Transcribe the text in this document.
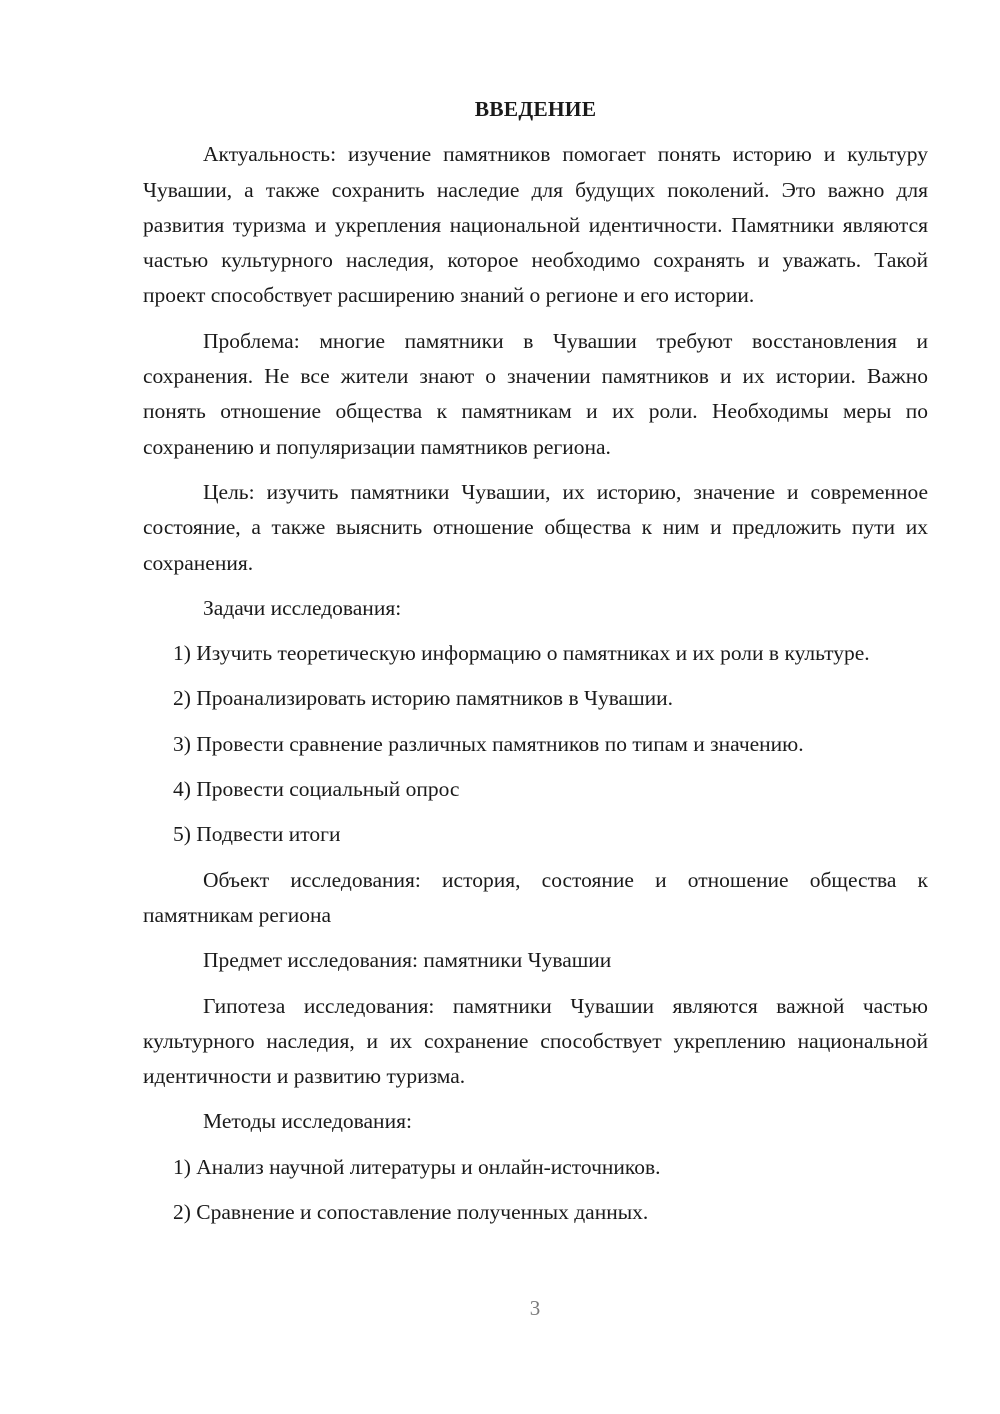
ВВЕДЕНИЕ

Актуальность: изучение памятников помогает понять историю и культуру Чувашии, а также сохранить наследие для будущих поколений. Это важно для развития туризма и укрепления национальной идентичности. Памятники являются частью культурного наследия, которое необходимо сохранять и уважать. Такой проект способствует расширению знаний о регионе и его истории.

Проблема: многие памятники в Чувашии требуют восстановления и сохранения. Не все жители знают о значении памятников и их истории. Важно понять отношение общества к памятникам и их роли. Необходимы меры по сохранению и популяризации памятников региона.

Цель: изучить памятники Чувашии, их историю, значение и современное состояние, а также выяснить отношение общества к ним и предложить пути их сохранения.

Задачи исследования:

1) Изучить теоретическую информацию о памятниках и их роли в культуре.

2) Проанализировать историю памятников в Чувашии.

3) Провести сравнение различных памятников по типам и значению.

4) Провести социальный опрос

5) Подвести итоги

Объект исследования: история, состояние и отношение общества к памятникам региона

Предмет исследования: памятники Чувашии

Гипотеза исследования: памятники Чувашии являются важной частью культурного наследия, и их сохранение способствует укреплению национальной идентичности и развитию туризма.

Методы исследования:

1) Анализ научной литературы и онлайн-источников.

2) Сравнение и сопоставление полученных данных.

3
